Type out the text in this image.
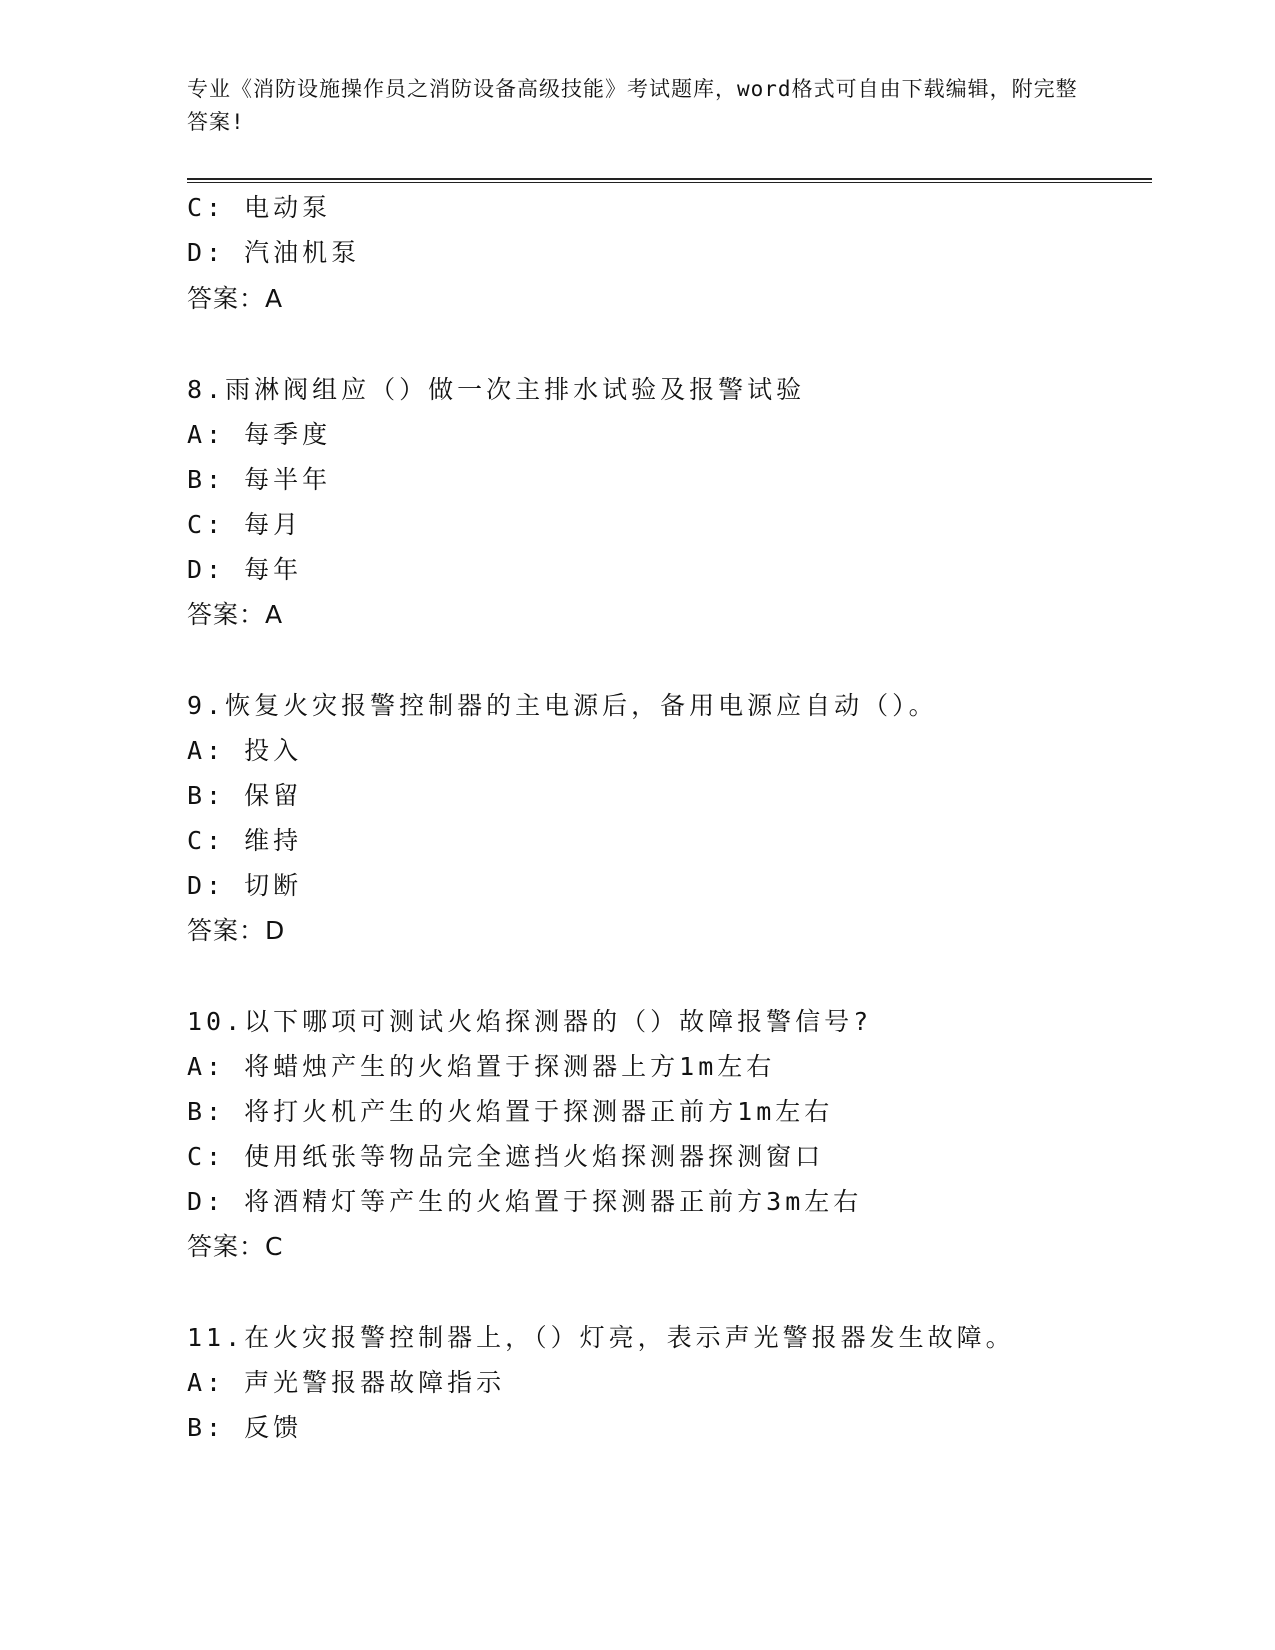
专业《消防设施操作员之消防设备高级技能》考试题库，word格式可自由下载编辑，附完整答案!
C: 电动泵
D: 汽油机泵
答案：A
8.雨淋阀组应（）做一次主排水试验及报警试验
A: 每季度
B: 每半年
C: 每月
D: 每年
答案：A
9.恢复火灾报警控制器的主电源后，备用电源应自动（）。
A: 投入
B: 保留
C: 维持
D: 切断
答案：D
10.以下哪项可测试火焰探测器的（）故障报警信号?
A: 将蜡烛产生的火焰置于探测器上方1m左右
B: 将打火机产生的火焰置于探测器正前方1m左右
C: 使用纸张等物品完全遮挡火焰探测器探测窗口
D: 将酒精灯等产生的火焰置于探测器正前方3m左右
答案：C
11.在火灾报警控制器上，（）灯亮，表示声光警报器发生故障。
A: 声光警报器故障指示
B: 反馈
